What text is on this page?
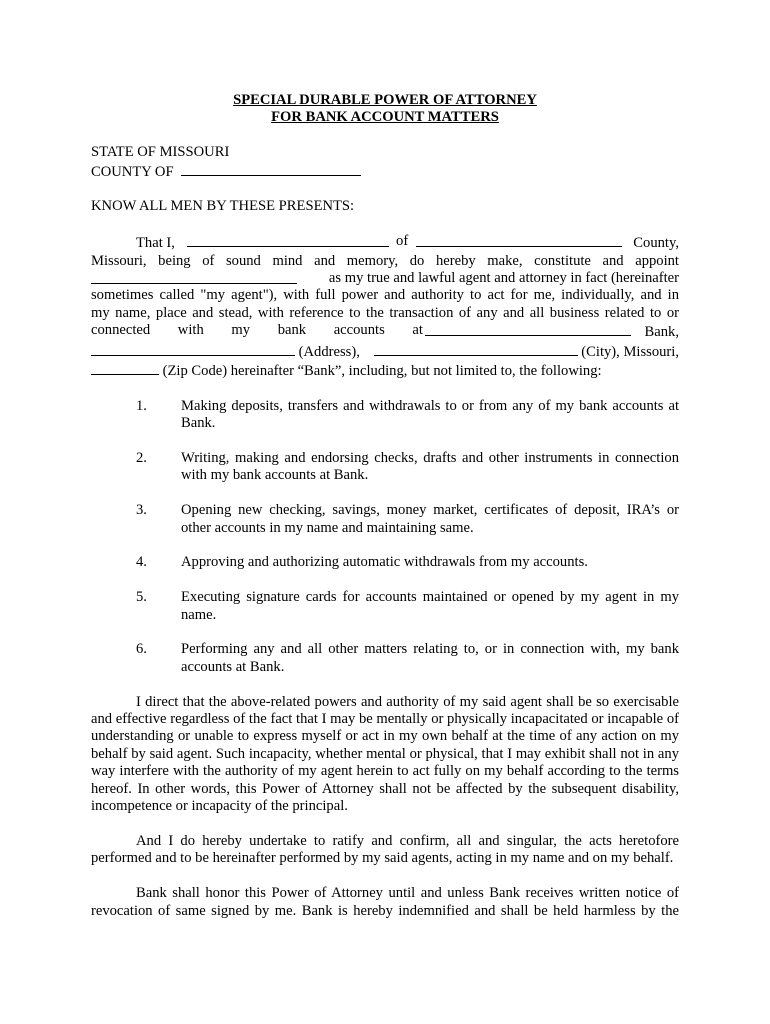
SPECIAL DURABLE POWER OF ATTORNEY
FOR BANK ACCOUNT MATTERS
STATE OF MISSOURI
COUNTY OF
KNOW ALL MEN BY THESE PRESENTS:
That I,	of	County,
Missouri, being of sound mind and memory, do hereby make, constitute and appoint
as my true and lawful agent and attorney in fact (hereinafter
sometimes called "my agent"), with full power and authority to act for me, individually, and in
my name, place and stead, with reference to the transaction of any and all business related to or
connected with my bank accounts at	Bank,
(Address),	(City), Missouri,
(Zip Code) hereinafter “Bank”, including, but not limited to, the following:
1.	Making deposits, transfers and withdrawals to or from any of my bank accounts at Bank.
2.	Writing, making and endorsing checks, drafts and other instruments in connection with my bank accounts at Bank.
3.	Opening new checking, savings, money market, certificates of deposit, IRA’s or other accounts in my name and maintaining same.
4.	Approving and authorizing automatic withdrawals from my accounts.
5.	Executing signature cards for accounts maintained or opened by my agent in my name.
6.	Performing any and all other matters relating to, or in connection with, my bank accounts at Bank.

I direct that the above-related powers and authority of my said agent shall be so exercisable and effective regardless of the fact that I may be mentally or physically incapacitated or incapable of understanding or unable to express myself or act in my own behalf at the time of any action on my behalf by said agent. Such incapacity, whether mental or physical, that I may exhibit shall not in any way interfere with the authority of my agent herein to act fully on my behalf according to the terms hereof. In other words, this Power of Attorney shall not be affected by the subsequent disability, incompetence or incapacity of the principal.

And I do hereby undertake to ratify and confirm, all and singular, the acts heretofore performed and to be hereinafter performed by my said agents, acting in my name and on my behalf.

Bank shall honor this Power of Attorney until and unless Bank receives written notice of revocation of same signed by me. Bank is hereby indemnified and shall be held harmless by the
